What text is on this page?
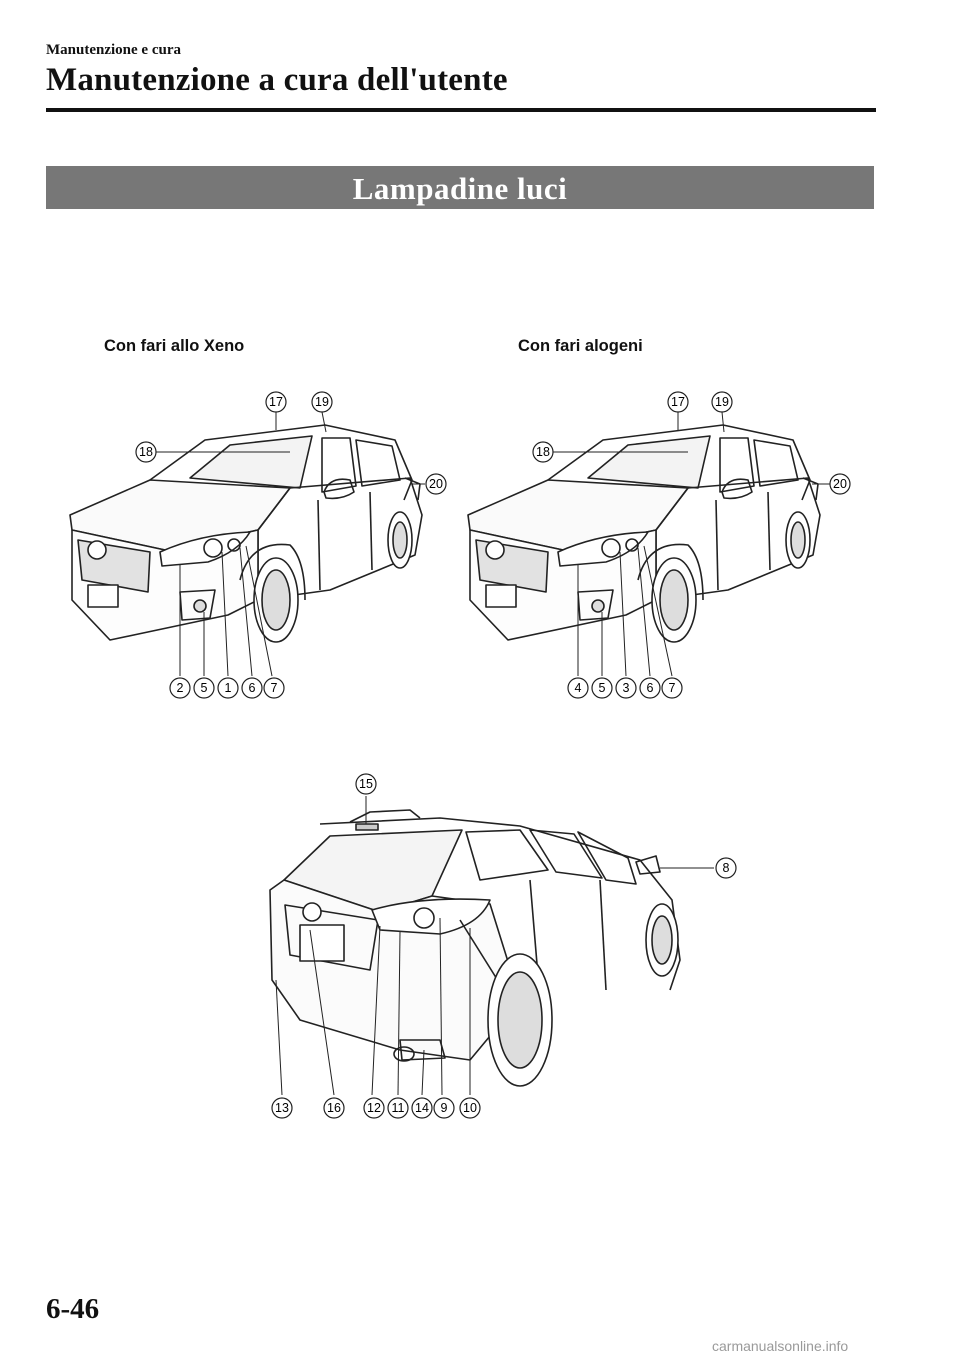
Manutenzione e cura
Manutenzione a cura dell'utente
Lampadine luci
Con fari allo Xeno	Con fari alogeni
17	19
18
20
2 5 1 6 7
17 19
18
20
4 5 3 6 7
15
8
13	16 12 11 14 9 10
6-46
carmanualsonline.info
